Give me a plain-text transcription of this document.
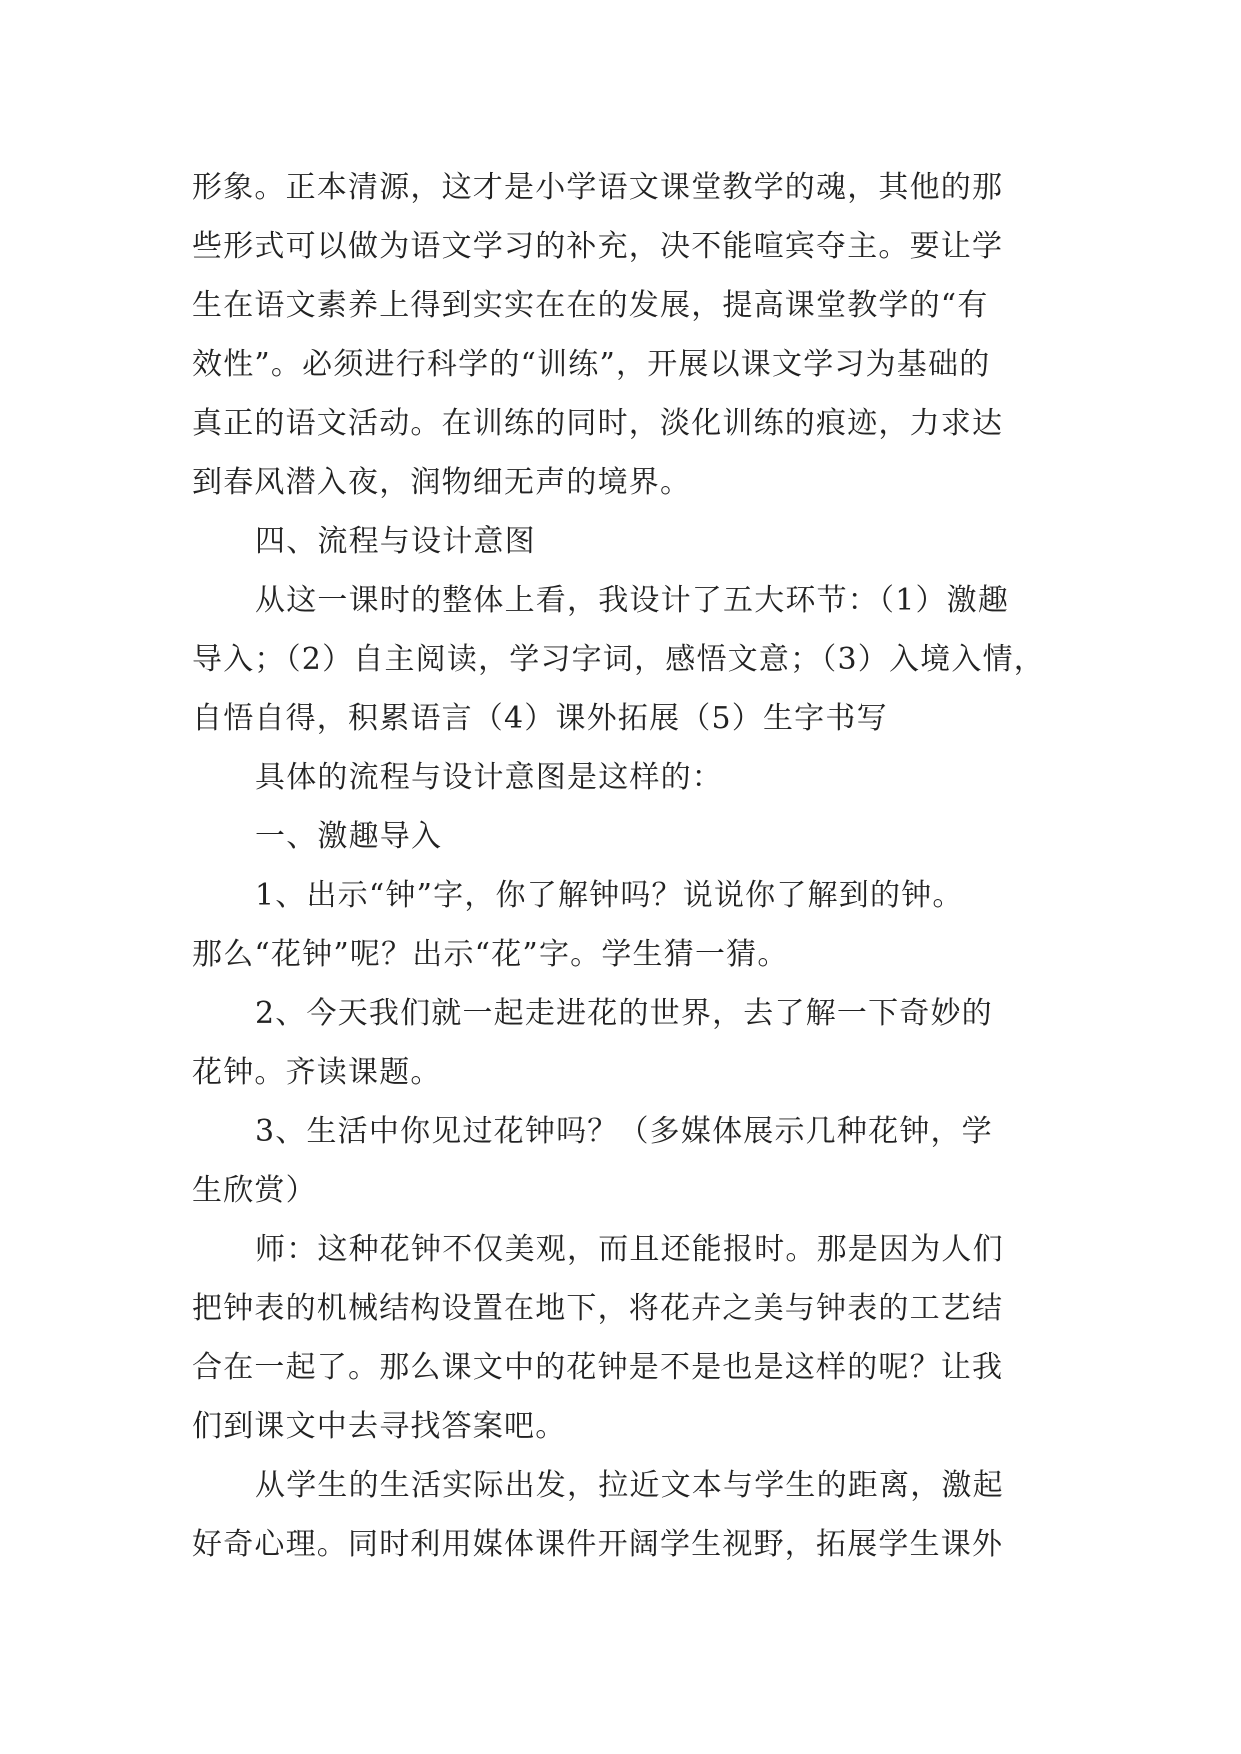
形象。正本清源，这才是小学语文课堂教学的魂，其他的那
些形式可以做为语文学习的补充，决不能喧宾夺主。要让学
生在语文素养上得到实实在在的发展，提高课堂教学的“有
效性”。必须进行科学的“训练”，开展以课文学习为基础的
真正的语文活动。在训练的同时，淡化训练的痕迹，力求达
到春风潜入夜，润物细无声的境界。
四、流程与设计意图
从这一课时的整体上看，我设计了五大环节：（1）激趣
导入；（2）自主阅读，学习字词，感悟文意；（3）入境入情，
自悟自得，积累语言（4）课外拓展（5）生字书写
具体的流程与设计意图是这样的：
一、激趣导入
1、出示“钟”字，你了解钟吗？说说你了解到的钟。
那么“花钟”呢？出示“花”字。学生猜一猜。
2、今天我们就一起走进花的世界，去了解一下奇妙的
花钟。齐读课题。
3、生活中你见过花钟吗？（多媒体展示几种花钟，学
生欣赏）
师：这种花钟不仅美观，而且还能报时。那是因为人们
把钟表的机械结构设置在地下，将花卉之美与钟表的工艺结
合在一起了。那么课文中的花钟是不是也是这样的呢？让我
们到课文中去寻找答案吧。
从学生的生活实际出发，拉近文本与学生的距离，激起
好奇心理。同时利用媒体课件开阔学生视野，拓展学生课外
